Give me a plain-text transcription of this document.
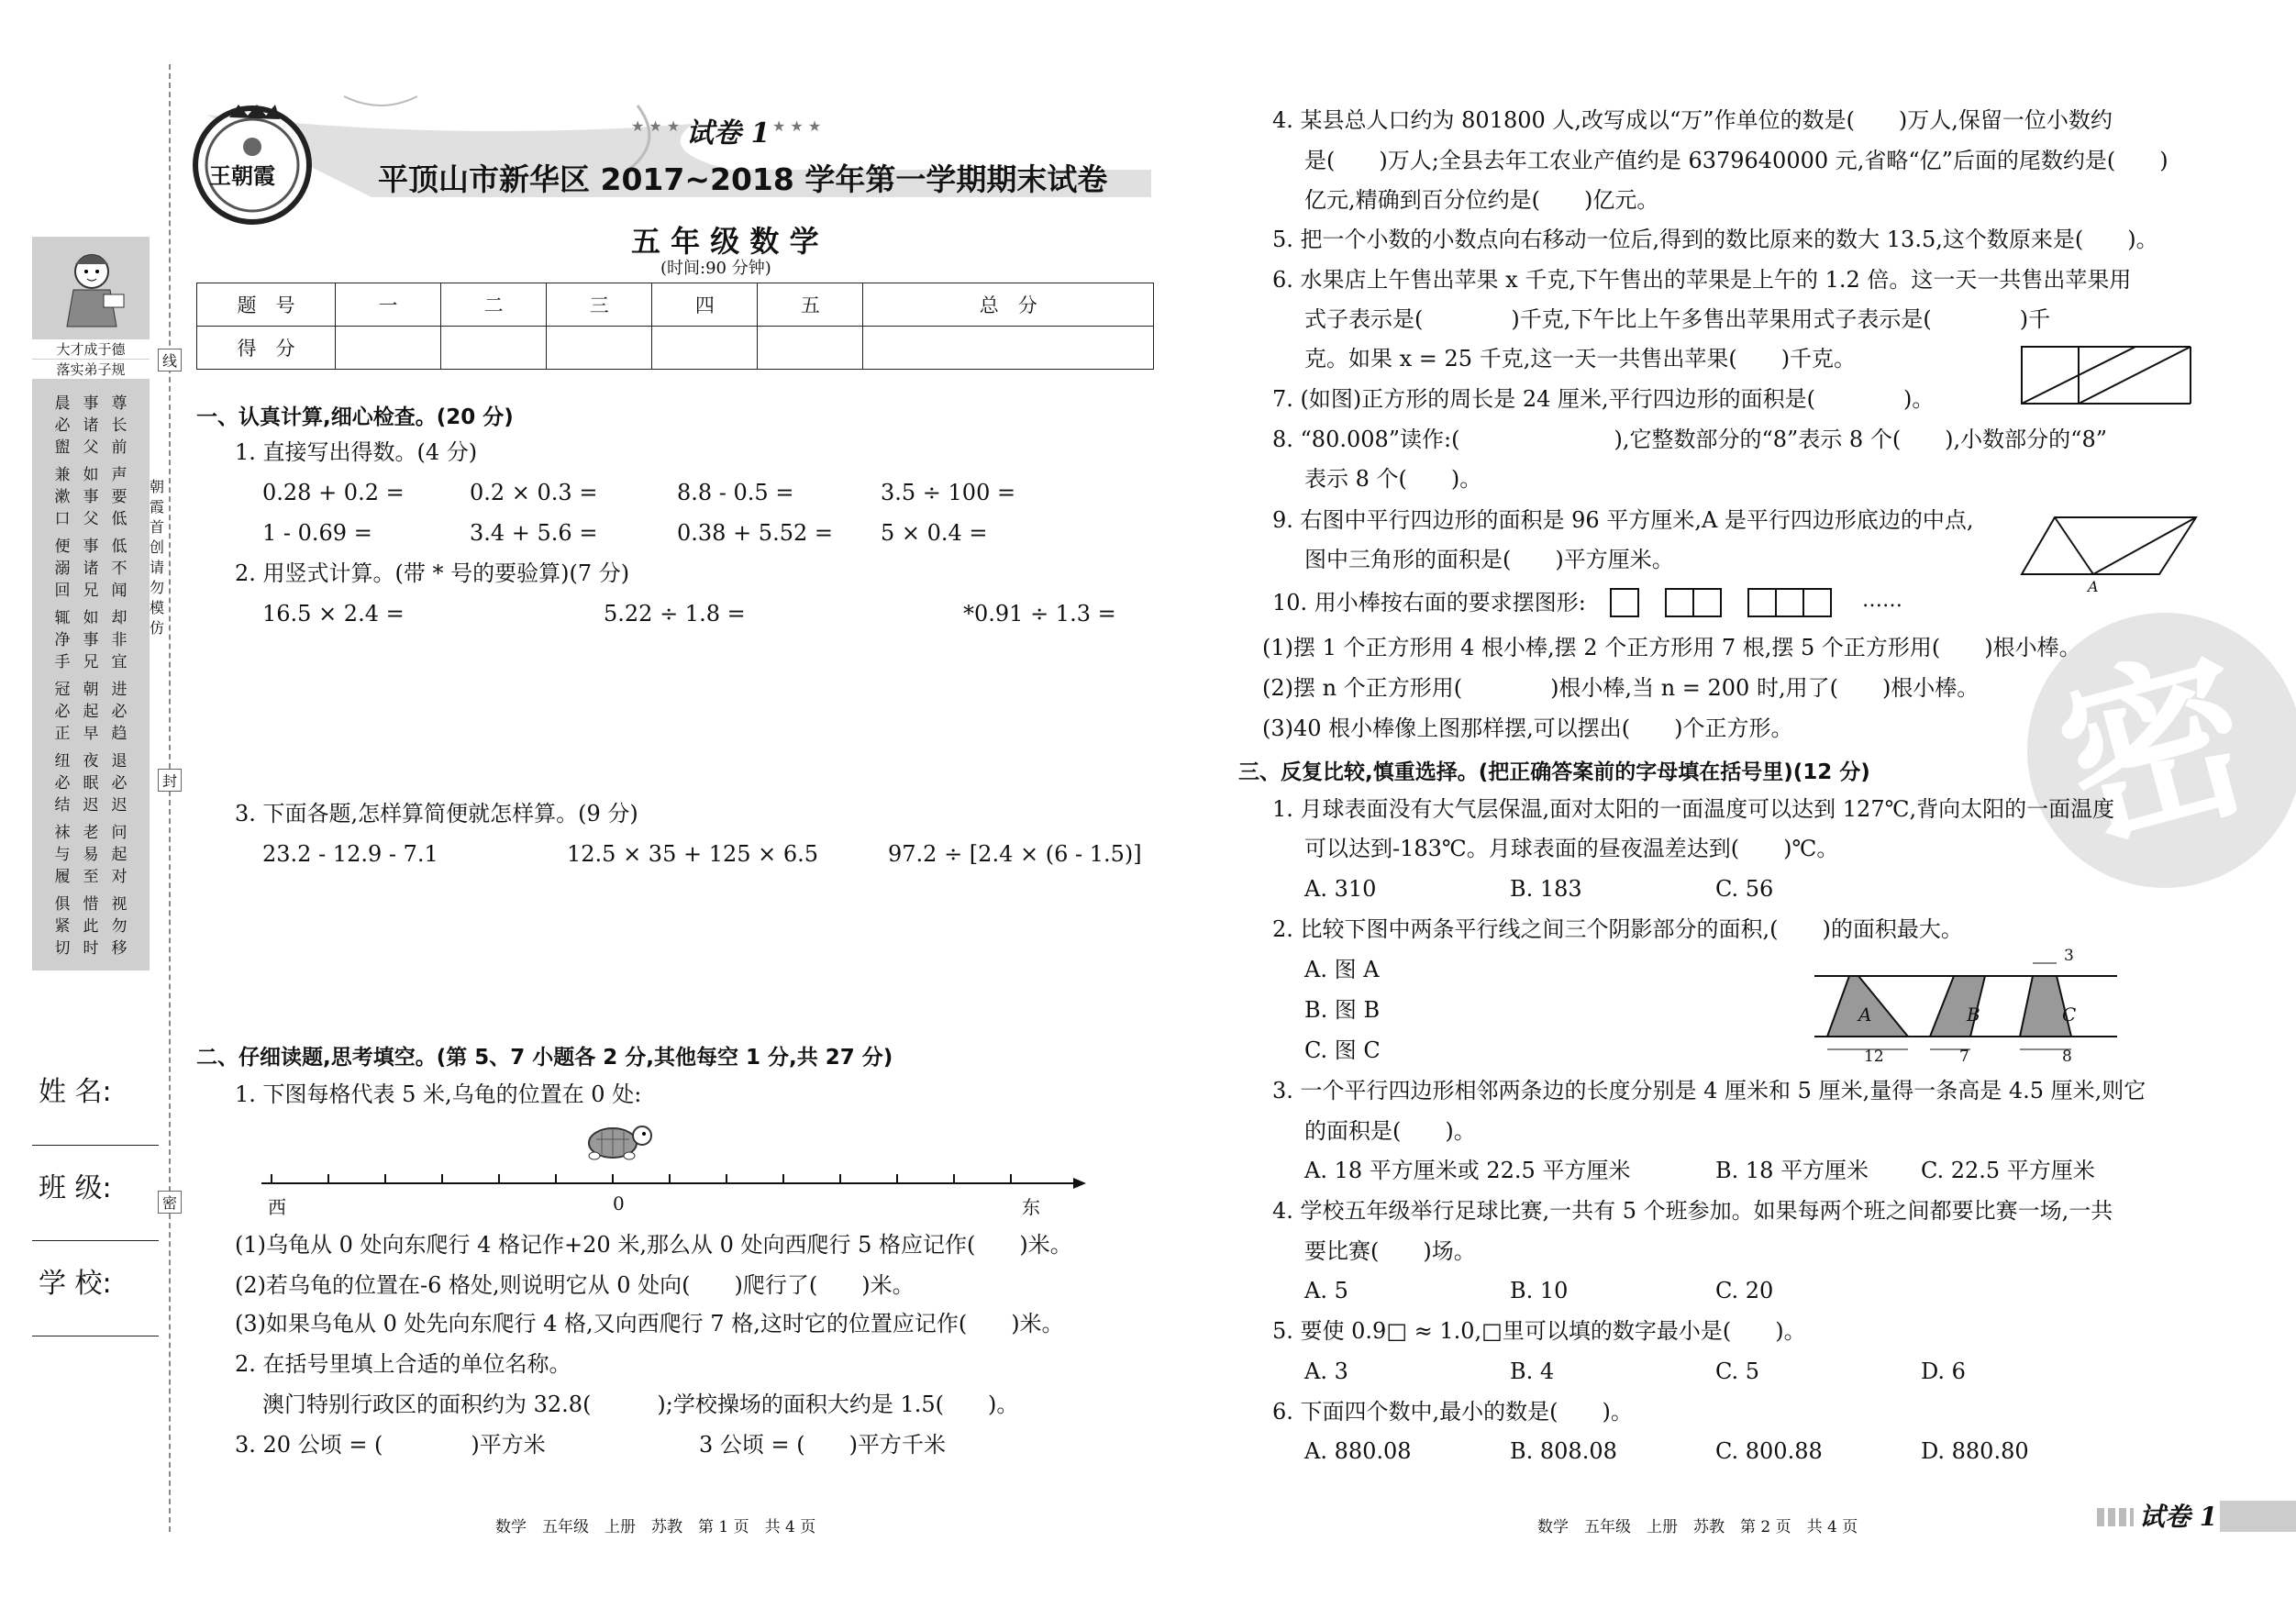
线
封
密
朝霞首创 请勿模仿
大才成于德
落实弟子规
晨必盥
事诸父
尊长前
兼漱口
如事父
声要低
便溺回
事诸兄
低不闻
辄净手
如事兄
却非宜
冠必正
朝起早
进必趋
纽必结
夜眠迟
退必迟
袜与履
老易至
问起对
俱紧切
惜此时
视勿移
姓 名:
班 级:
学 校:
王朝霞
★ ★ ★ 试卷 1 ★ ★ ★
平顶山市新华区 2017~2018 学年第一学期期末试卷
五 年 级 数 学
(时间:90 分钟)
题　号	一	二	三	四	五	总　分
得　分						
一、认真计算,细心检查。(20 分)
1. 直接写出得数。(4 分)
0.28 + 0.2 =	0.2 × 0.3 =	8.8 - 0.5 =	3.5 ÷ 100 =
1 - 0.69 =	3.4 + 5.6 =	0.38 + 5.52 = 5 × 0.4 =
2. 用竖式计算。(带 * 号的要验算)(7 分)
16.5 × 2.4 =	5.22 ÷ 1.8 =	*0.91 ÷ 1.3 =
3. 下面各题,怎样算简便就怎样算。(9 分)
23.2 - 12.9 - 7.1	12.5 × 35 + 125 × 6.5	97.2 ÷ [2.4 × (6 - 1.5)]
二、仔细读题,思考填空。(第 5、7 小题各 2 分,其他每空 1 分,共 27 分)
1. 下图每格代表 5 米,乌龟的位置在 0 处:
西	0	东
(1)乌龟从 0 处向东爬行 4 格记作+20 米,那么从 0 处向西爬行 5 格应记作(　　)米。
(2)若乌龟的位置在-6 格处,则说明它从 0 处向(　　)爬行了(　　)米。
(3)如果乌龟从 0 处先向东爬行 4 格,又向西爬行 7 格,这时它的位置应记作(　　)米。
2. 在括号里填上合适的单位名称。
澳门特别行政区的面积约为 32.8(　　　);学校操场的面积大约是 1.5(　　)。
3. 20 公顷 = (　　　　)平方米	3 公顷 = (　　)平方千米
数学　五年级　上册　苏教　第 1 页　共 4 页
密
4. 某县总人口约为 801800 人,改写成以“万”作单位的数是(　　)万人,保留一位小数约
是(　　)万人;全县去年工农业产值约是 6379640000 元,省略“亿”后面的尾数约是(　　)
亿元,精确到百分位约是(　　)亿元。
5. 把一个小数的小数点向右移动一位后,得到的数比原来的数大 13.5,这个数原来是(　　)。
6. 水果店上午售出苹果 x 千克,下午售出的苹果是上午的 1.2 倍。这一天一共售出苹果用
式子表示是(　　　　)千克,下午比上午多售出苹果用式子表示是(　　　　)千
克。如果 x = 25 千克,这一天一共售出苹果(　　)千克。
7. (如图)正方形的周长是 24 厘米,平行四边形的面积是(　　　　)。
8. “80.008”读作:(　　　　　　　),它整数部分的“8”表示 8 个(　　),小数部分的“8”
表示 8 个(　　)。
9. 右图中平行四边形的面积是 96 平方厘米,A 是平行四边形底边的中点,
图中三角形的面积是(　　)平方厘米。
A
10. 用小棒按右面的要求摆图形:	……
(1)摆 1 个正方形用 4 根小棒,摆 2 个正方形用 7 根,摆 5 个正方形用(　　)根小棒。
(2)摆 n 个正方形用(　　　　)根小棒,当 n = 200 时,用了(　　)根小棒。
(3)40 根小棒像上图那样摆,可以摆出(　　)个正方形。
三、反复比较,慎重选择。(把正确答案前的字母填在括号里)(12 分)
1. 月球表面没有大气层保温,面对太阳的一面温度可以达到 127℃,背向太阳的一面温度
可以达到-183℃。月球表面的昼夜温差达到(　　)℃。
A. 310	B. 183	C. 56
2. 比较下图中两条平行线之间三个阴影部分的面积,(　　)的面积最大。
A. 图 A
B. 图 B
C. 图 C
A	B	C
12	7	8
3
3. 一个平行四边形相邻两条边的长度分别是 4 厘米和 5 厘米,量得一条高是 4.5 厘米,则它
的面积是(　　)。
A. 18 平方厘米或 22.5 平方厘米	B. 18 平方厘米 C. 22.5 平方厘米
4. 学校五年级举行足球比赛,一共有 5 个班参加。如果每两个班之间都要比赛一场,一共
要比赛(　　)场。
A. 5	B. 10	C. 20
5. 要使 0.9□ ≈ 1.0,□里可以填的数字最小是(　　)。
A. 3	B. 4	C. 5	D. 6
6. 下面四个数中,最小的数是(　　)。
A. 880.08	B. 808.08	C. 800.88	D. 880.80
数学　五年级　上册　苏教　第 2 页　共 4 页	试卷 1
